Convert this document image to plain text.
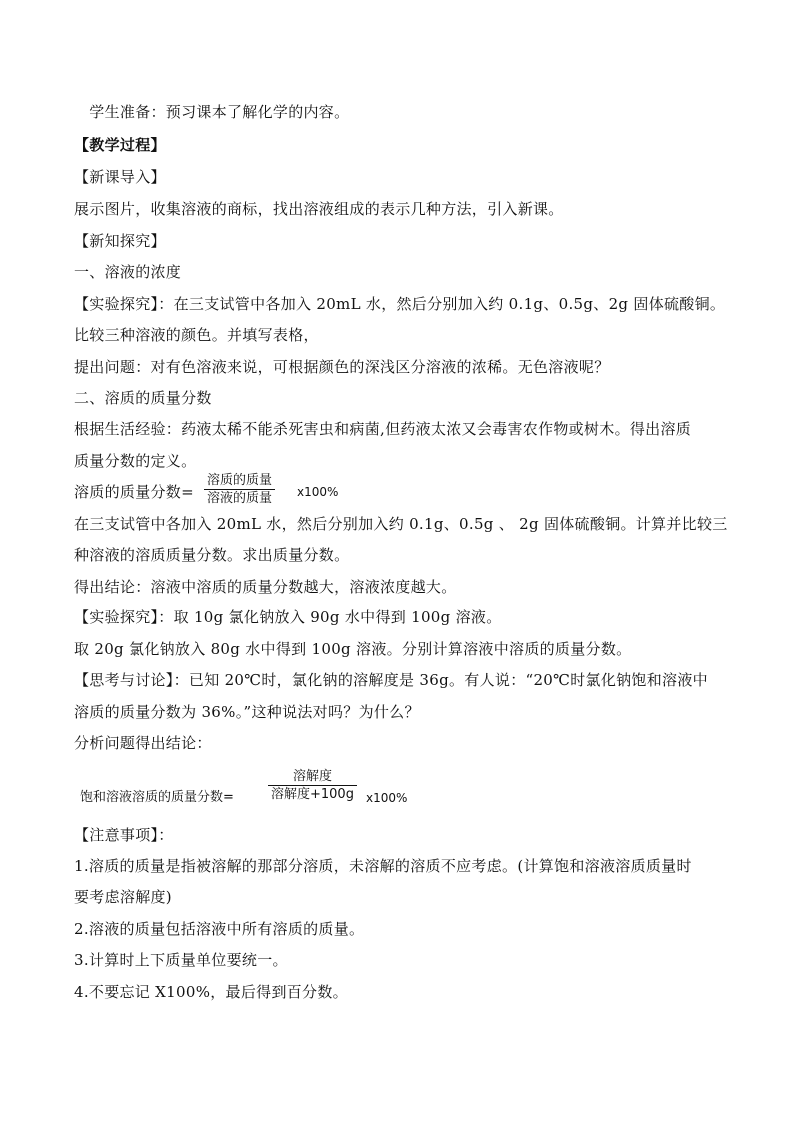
　学生准备：预习课本了解化学的内容。
【教学过程】
【新课导入】
展示图片，收集溶液的商标，找出溶液组成的表示几种方法，引入新课。
【新知探究】
一、溶液的浓度
【实验探究】：在三支试管中各加入 20mL 水，然后分别加入约 0.1g、0.5g、2g 固体硫酸铜。
比较三种溶液的颜色。并填写表格，
提出问题：对有色溶液来说，可根据颜色的深浅区分溶液的浓稀。无色溶液呢？
二、溶质的质量分数
根据生活经验：药液太稀不能杀死害虫和病菌,但药液太浓又会毒害农作物或树木。得出溶质
质量分数的定义。
溶质的质量分数=
溶质的质量
溶液的质量 x100%
在三支试管中各加入 20mL 水，然后分别加入约 0.1g、0.5g 、 2g 固体硫酸铜。计算并比较三
种溶液的溶质质量分数。求出质量分数。
得出结论：溶液中溶质的质量分数越大，溶液浓度越大。
【实验探究】：取 10g 氯化钠放入 90g 水中得到 100g 溶液。
取 20g 氯化钠放入 80g 水中得到 100g 溶液。分别计算溶液中溶质的质量分数。
【思考与讨论】：已知 20℃时，氯化钠的溶解度是 36g。有人说：“20℃时氯化钠饱和溶液中
溶质的质量分数为 36%。”这种说法对吗？为什么？
分析问题得出结论：
饱和溶液溶质的质量分数=
溶解度
溶解度+100g x100%
【注意事项】：
1.溶质的质量是指被溶解的那部分溶质，未溶解的溶质不应考虑。(计算饱和溶液溶质质量时
要考虑溶解度)
2.溶液的质量包括溶液中所有溶质的质量。
3.计算时上下质量单位要统一。
4.不要忘记 X100%，最后得到百分数。
